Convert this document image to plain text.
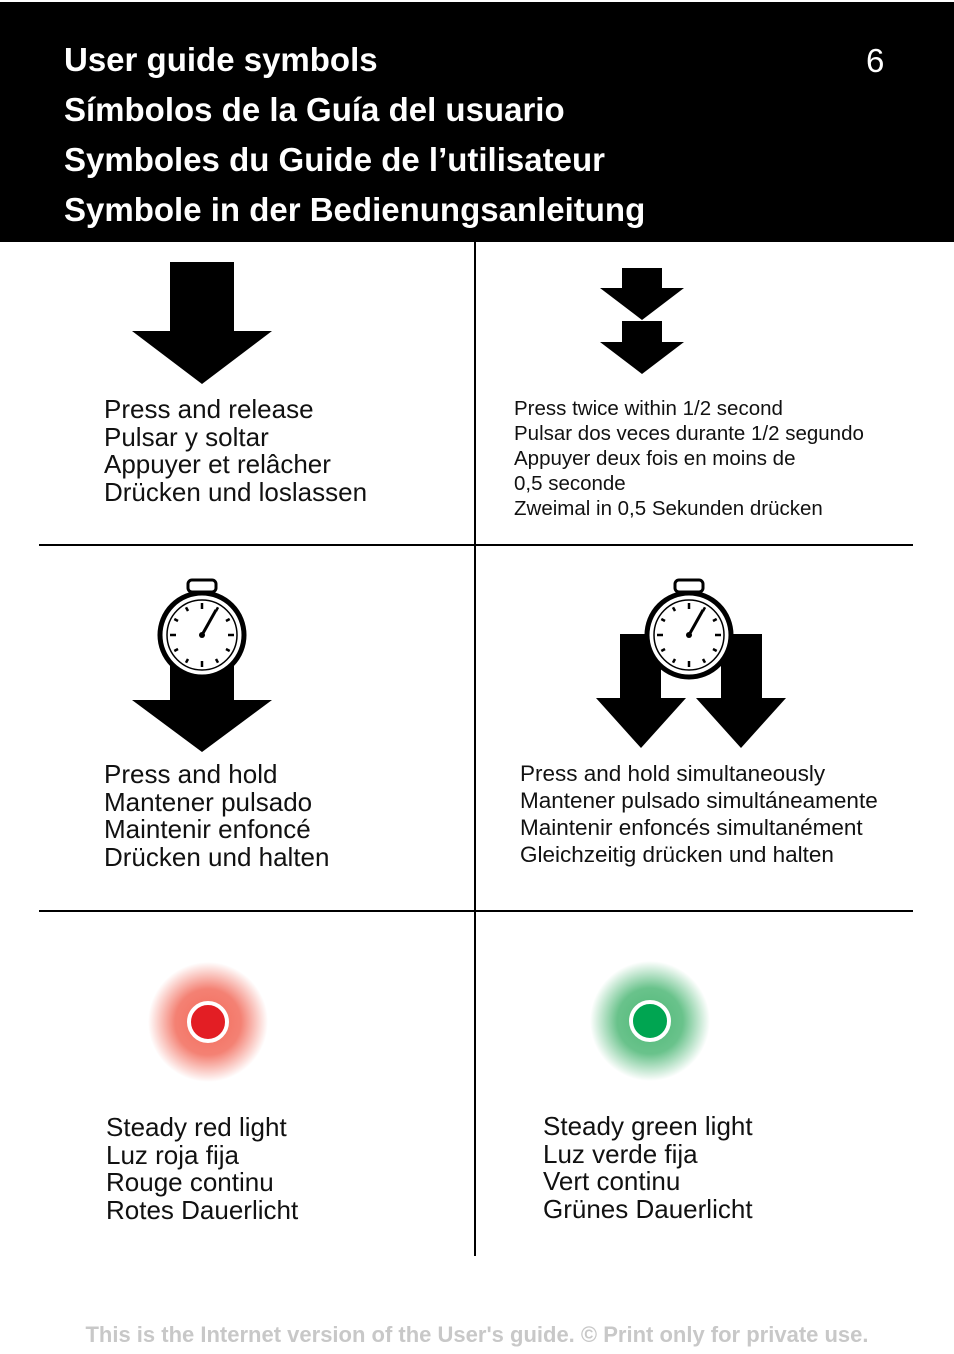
User guide symbols
Símbolos de la Guía del usuario
Symboles du Guide de l’utilisateur
Symbole in der Bedienungsanleitung
6
Press and release
Pulsar y soltar
Appuyer et relâcher
Drücken und loslassen
Press twice within 1/2 second
Pulsar dos veces durante 1/2 segundo
Appuyer deux fois en moins de
0,5 seconde
Zweimal in 0,5 Sekunden drücken
Press and hold
Mantener pulsado
Maintenir enfoncé
Drücken und halten
Press and hold simultaneously
Mantener pulsado simultáneamente
Maintenir enfoncés simultanément
Gleichzeitig drücken und halten
Steady red light
Luz roja fija
Rouge continu
Rotes Dauerlicht
Steady green light
Luz verde fija
Vert continu
Grünes Dauerlicht
This is the Internet version of the User's guide. © Print only for private use.
